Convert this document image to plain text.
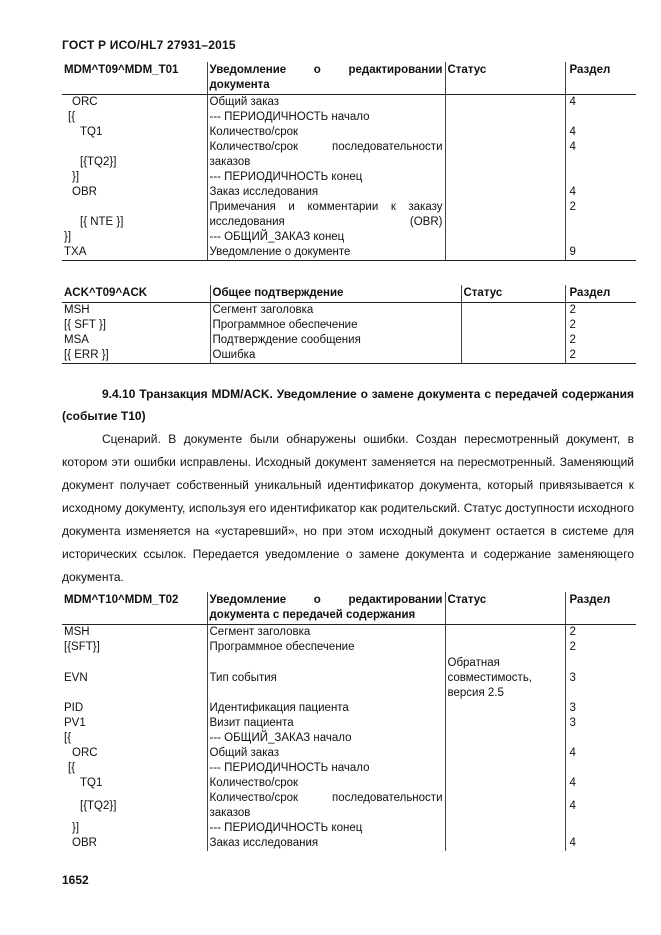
ГОСТ Р ИСО/HL7 27931–2015
MDM^T09^MDM_T01	Уведомление о редактировании документа	Статус	Раздел
ORC	Общий заказ		4
[{	--- ПЕРИОДИЧНОСТЬ начало		
TQ1	Количество/срок		4
[{TQ2}]	Количество/срок последовательности заказов		4
}]	--- ПЕРИОДИЧНОСТЬ конец		
OBR	Заказ исследования		4
[{ NTE }]	Примечания и комментарии к заказу исследования (OBR)		2
}]	--- ОБЩИЙ_ЗАКАЗ конец		
TXA	Уведомление о документе		9
ACK^T09^ACK	Общее подтверждение	Статус	Раздел
MSH	Сегмент заголовка		2
[{ SFT }]	Программное обеспечение		2
MSA	Подтверждение сообщения		2
[{ ERR }]	Ошибка		2
9.4.10 Транзакция MDM/ACK. Уведомление о замене документа с передачей содержания (событие T10)
Сценарий. В документе были обнаружены ошибки. Создан пересмотренный документ, в котором эти ошибки исправлены. Исходный документ заменяется на пересмотренный. Заменяющий документ получает собственный уникальный идентификатор документа, который привязывается к исходному документу, используя его идентификатор как родительский. Статус доступности исходного документа изменяется на «устаревший», но при этом исходный документ остается в системе для исторических ссылок. Передается уведомление о замене документа и содержание заменяющего документа.
MDM^T10^MDM_T02	Уведомление о редактировании документа с передачей содержания	Статус	Раздел
MSH	Сегмент заголовка		2
[{SFT}]	Программное обеспечение		2
EVN	Тип события	Обратная совместимость, версия 2.5	3
PID	Идентификация пациента		3
PV1	Визит пациента		3
[{	--- ОБЩИЙ_ЗАКАЗ начало		
ORC	Общий заказ		4
[{	--- ПЕРИОДИЧНОСТЬ начало		
TQ1	Количество/срок		4
[{TQ2}]	Количество/срок последовательности заказов		4
}]	--- ПЕРИОДИЧНОСТЬ конец		
OBR	Заказ исследования		4
1652
